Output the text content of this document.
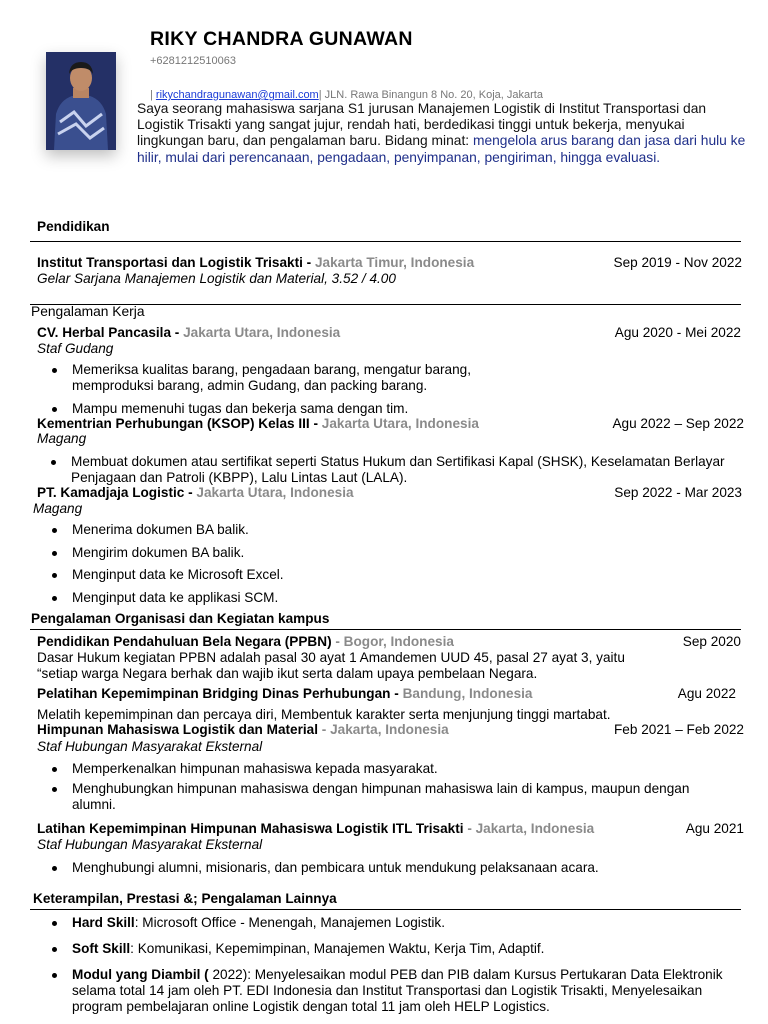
RIKY CHANDRA GUNAWAN
+6281212510063
| rikychandragunawan@gmail.com| JLN. Rawa Binangun 8 No. 20, Koja, Jakarta
Saya seorang mahasiswa sarjana S1 jurusan Manajemen Logistik di Institut Transportasi dan Logistik Trisakti yang sangat jujur, rendah hati, berdedikasi tinggi untuk bekerja, menyukai lingkungan baru, dan pengalaman baru. Bidang minat: mengelola arus barang dan jasa dari hulu ke hilir, mulai dari perencanaan, pengadaan, penyimpanan, pengiriman, hingga evaluasi.
Pendidikan
Institut Transportasi dan Logistik Trisakti - Jakarta Timur, Indonesia	Sep 2019 - Nov 2022
Gelar Sarjana Manajemen Logistik dan Material, 3.52 / 4.00
Pengalaman Kerja
CV. Herbal Pancasila - Jakarta Utara, Indonesia	Agu 2020 - Mei 2022
Staf Gudang
Memeriksa kualitas barang, pengadaan barang, mengatur barang, memproduksi barang, admin Gudang, dan packing barang.
Mampu memenuhi tugas dan bekerja sama dengan tim.
Kementrian Perhubungan (KSOP) Kelas III - Jakarta Utara, Indonesia	Agu 2022 – Sep 2022
Magang
Membuat dokumen atau sertifikat seperti Status Hukum dan Sertifikasi Kapal (SHSK), Keselamatan Berlayar Penjagaan dan Patroli (KBPP), Lalu Lintas Laut (LALA).
PT. Kamadjaja Logistic - Jakarta Utara, Indonesia	Sep 2022 - Mar 2023
Magang
Menerima dokumen BA balik.
Mengirim dokumen BA balik.
Menginput data ke Microsoft Excel.
Menginput data ke applikasi SCM.
Pengalaman Organisasi dan Kegiatan kampus
Pendidikan Pendahuluan Bela Negara (PPBN) - Bogor, Indonesia	Sep 2020
Dasar Hukum kegiatan PPBN adalah pasal 30 ayat 1 Amandemen UUD 45, pasal 27 ayat 3, yaitu “setiap warga Negara berhak dan wajib ikut serta dalam upaya pembelaan Negara.
Pelatihan Kepemimpinan Bridging Dinas Perhubungan - Bandung, Indonesia	Agu 2022
Melatih kepemimpinan dan percaya diri, Membentuk karakter serta menjunjung tinggi martabat.
Himpunan Mahasiswa Logistik dan Material - Jakarta, Indonesia	Feb 2021 – Feb 2022
Staf Hubungan Masyarakat Eksternal
Memperkenalkan himpunan mahasiswa kepada masyarakat.
Menghubungkan himpunan mahasiswa dengan himpunan mahasiswa lain di kampus, maupun dengan alumni.
Latihan Kepemimpinan Himpunan Mahasiswa Logistik ITL Trisakti - Jakarta, Indonesia	Agu 2021
Staf Hubungan Masyarakat Eksternal
Menghubungi alumni, misionaris, dan pembicara untuk mendukung pelaksanaan acara.
Keterampilan, Prestasi &; Pengalaman Lainnya
Hard Skill: Microsoft Office - Menengah, Manajemen Logistik.
Soft Skill: Komunikasi, Kepemimpinan, Manajemen Waktu, Kerja Tim, Adaptif.
Modul yang Diambil ( 2022): Menyelesaikan modul PEB dan PIB dalam Kursus Pertukaran Data Elektronik selama total 14 jam oleh PT. EDI Indonesia dan Institut Transportasi dan Logistik Trisakti, Menyelesaikan program pembelajaran online Logistik dengan total 11 jam oleh HELP Logistics.
